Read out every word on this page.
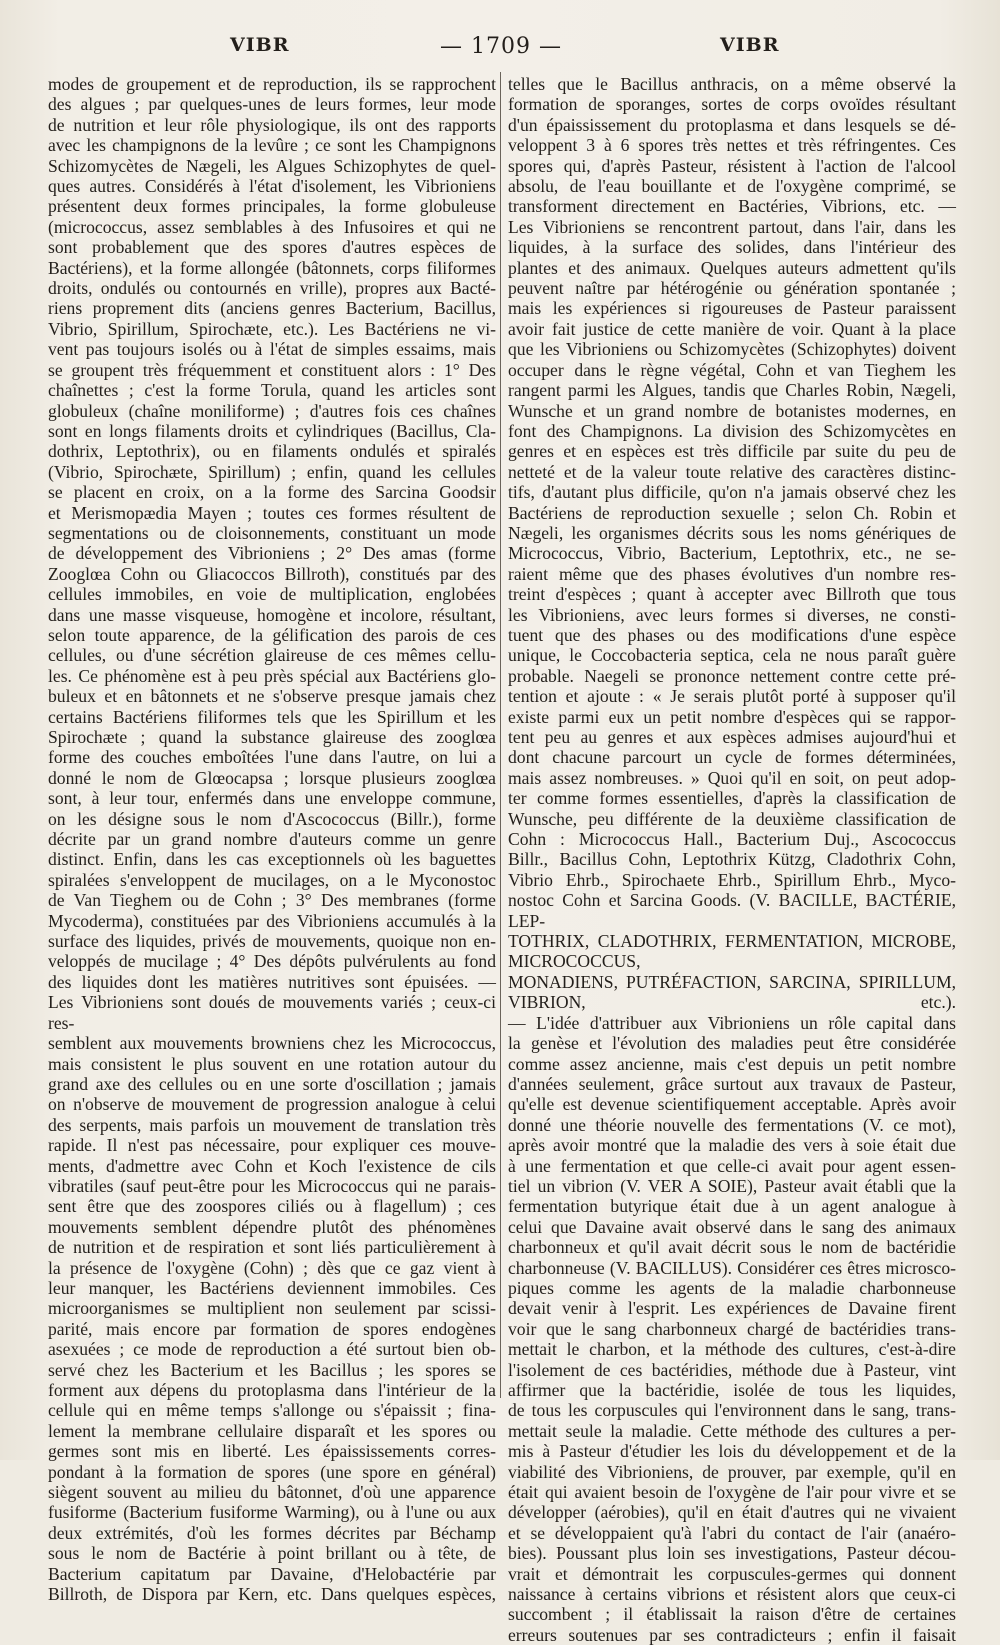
VIBR	— 1709 —	VIBR

modes de groupement et de reproduction, ils se rapprochent

des algues ; par quelques-unes de leurs formes, leur mode

de nutrition et leur rôle physiologique, ils ont des rapports

avec les champignons de la levûre ; ce sont les Champignons

Schizomycètes de Nægeli, les Algues Schizophytes de quel-

ques autres. Considérés à l'état d'isolement, les Vibrioniens

présentent deux formes principales, la forme globuleuse

(micrococcus, assez semblables à des Infusoires et qui ne

sont probablement que des spores d'autres espèces de

Bactériens), et la forme allongée (bâtonnets, corps filiformes

droits, ondulés ou contournés en vrille), propres aux Bacté-

riens proprement dits (anciens genres Bacterium, Bacillus,

Vibrio, Spirillum, Spirochæte, etc.). Les Bactériens ne vi-

vent pas toujours isolés ou à l'état de simples essaims, mais

se groupent très fréquemment et constituent alors : 1° Des

chaînettes ; c'est la forme Torula, quand les articles sont

globuleux (chaîne moniliforme) ; d'autres fois ces chaînes

sont en longs filaments droits et cylindriques (Bacillus, Cla-

dothrix, Leptothrix), ou en filaments ondulés et spiralés

(Vibrio, Spirochæte, Spirillum) ; enfin, quand les cellules

se placent en croix, on a la forme des Sarcina Goodsir

et Merismopædia Mayen ; toutes ces formes résultent de

segmentations ou de cloisonnements, constituant un mode

de développement des Vibrioniens ; 2° Des amas (forme

Zooglœa Cohn ou Gliacoccos Billroth), constitués par des

cellules immobiles, en voie de multiplication, englobées

dans une masse visqueuse, homogène et incolore, résultant,

selon toute apparence, de la gélification des parois de ces

cellules, ou d'une sécrétion glaireuse de ces mêmes cellu-

les. Ce phénomène est à peu près spécial aux Bactériens glo-

buleux et en bâtonnets et ne s'observe presque jamais chez

certains Bactériens filiformes tels que les Spirillum et les

Spirochæte ; quand la substance glaireuse des zooglœa

forme des couches emboîtées l'une dans l'autre, on lui a

donné le nom de Glœocapsa ; lorsque plusieurs zooglœa

sont, à leur tour, enfermés dans une enveloppe commune,

on les désigne sous le nom d'Ascococcus (Billr.), forme

décrite par un grand nombre d'auteurs comme un genre

distinct. Enfin, dans les cas exceptionnels où les baguettes

spiralées s'enveloppent de mucilages, on a le Myconostoc

de Van Tieghem ou de Cohn ; 3° Des membranes (forme

Mycoderma), constituées par des Vibrioniens accumulés à la

surface des liquides, privés de mouvements, quoique non en-

veloppés de mucilage ; 4° Des dépôts pulvérulents au fond

des liquides dont les matières nutritives sont épuisées. —

Les Vibrioniens sont doués de mouvements variés ; ceux-ci res-

semblent aux mouvements browniens chez les Micrococcus,

mais consistent le plus souvent en une rotation autour du

grand axe des cellules ou en une sorte d'oscillation ; jamais

on n'observe de mouvement de progression analogue à celui

des serpents, mais parfois un mouvement de translation très

rapide. Il n'est pas nécessaire, pour expliquer ces mouve-

ments, d'admettre avec Cohn et Koch l'existence de cils

vibratiles (sauf peut-être pour les Micrococcus qui ne parais-

sent être que des zoospores ciliés ou à flagellum) ; ces

mouvements semblent dépendre plutôt des phénomènes

de nutrition et de respiration et sont liés particulièrement à

la présence de l'oxygène (Cohn) ; dès que ce gaz vient à

leur manquer, les Bactériens deviennent immobiles. Ces

microorganismes se multiplient non seulement par scissi-

parité, mais encore par formation de spores endogènes

asexuées ; ce mode de reproduction a été surtout bien ob-

servé chez les Bacterium et les Bacillus ; les spores se

forment aux dépens du protoplasma dans l'intérieur de la

cellule qui en même temps s'allonge ou s'épaissit ; fina-

lement la membrane cellulaire disparaît et les spores ou

germes sont mis en liberté. Les épaississements corres-

pondant à la formation de spores (une spore en général)

siègent souvent au milieu du bâtonnet, d'où une apparence

fusiforme (Bacterium fusiforme Warming), ou à l'une ou aux

deux extrémités, d'où les formes décrites par Béchamp

sous le nom de Bactérie à point brillant ou à tête, de

Bacterium capitatum par Davaine, d'Helobactérie par

Billroth, de Dispora par Kern, etc. Dans quelques espèces,

telles que le Bacillus anthracis, on a même observé la

formation de sporanges, sortes de corps ovoïdes résultant

d'un épaississement du protoplasma et dans lesquels se dé-

veloppent 3 à 6 spores très nettes et très réfringentes. Ces

spores qui, d'après Pasteur, résistent à l'action de l'alcool

absolu, de l'eau bouillante et de l'oxygène comprimé, se

transforment directement en Bactéries, Vibrions, etc. —

Les Vibrioniens se rencontrent partout, dans l'air, dans les

liquides, à la surface des solides, dans l'intérieur des

plantes et des animaux. Quelques auteurs admettent qu'ils

peuvent naître par hétérogénie ou génération spontanée ;

mais les expériences si rigoureuses de Pasteur paraissent

avoir fait justice de cette manière de voir. Quant à la place

que les Vibrioniens ou Schizomycètes (Schizophytes) doivent

occuper dans le règne végétal, Cohn et van Tieghem les

rangent parmi les Algues, tandis que Charles Robin, Nægeli,

Wunsche et un grand nombre de botanistes modernes, en

font des Champignons. La division des Schizomycètes en

genres et en espèces est très difficile par suite du peu de

netteté et de la valeur toute relative des caractères distinc-

tifs, d'autant plus difficile, qu'on n'a jamais observé chez les

Bactériens de reproduction sexuelle ; selon Ch. Robin et

Nægeli, les organismes décrits sous les noms génériques de

Micrococcus, Vibrio, Bacterium, Leptothrix, etc., ne se-

raient même que des phases évolutives d'un nombre res-

treint d'espèces ; quant à accepter avec Billroth que tous

les Vibrioniens, avec leurs formes si diverses, ne consti-

tuent que des phases ou des modifications d'une espèce

unique, le Coccobacteria septica, cela ne nous paraît guère

probable. Naegeli se prononce nettement contre cette pré-

tention et ajoute : « Je serais plutôt porté à supposer qu'il

existe parmi eux un petit nombre d'espèces qui se rappor-

tent peu au genres et aux espèces admises aujourd'hui et

dont chacune parcourt un cycle de formes déterminées,

mais assez nombreuses. » Quoi qu'il en soit, on peut adop-

ter comme formes essentielles, d'après la classification de

Wunsche, peu différente de la deuxième classification de

Cohn : Micrococcus Hall., Bacterium Duj., Ascococcus

Billr., Bacillus Cohn, Leptothrix Kützg, Cladothrix Cohn,

Vibrio Ehrb., Spirochaete Ehrb., Spirillum Ehrb., Myco-

nostoc Cohn et Sarcina Goods. (V. BACILLE, BACTÉRIE, LEP-

TOTHRIX, CLADOTHRIX, FERMENTATION, MICROBE, MICROCOCCUS,

MONADIENS, PUTRÉFACTION, SARCINA, SPIRILLUM, VIBRION, etc.).

— L'idée d'attribuer aux Vibrioniens un rôle capital dans

la genèse et l'évolution des maladies peut être considérée

comme assez ancienne, mais c'est depuis un petit nombre

d'années seulement, grâce surtout aux travaux de Pasteur,

qu'elle est devenue scientifiquement acceptable. Après avoir

donné une théorie nouvelle des fermentations (V. ce mot),

après avoir montré que la maladie des vers à soie était due

à une fermentation et que celle-ci avait pour agent essen-

tiel un vibrion (V. VER A SOIE), Pasteur avait établi que la

fermentation butyrique était due à un agent analogue à

celui que Davaine avait observé dans le sang des animaux

charbonneux et qu'il avait décrit sous le nom de bactéridie

charbonneuse (V. BACILLUS). Considérer ces êtres microsco-

piques comme les agents de la maladie charbonneuse

devait venir à l'esprit. Les expériences de Davaine firent

voir que le sang charbonneux chargé de bactéridies trans-

mettait le charbon, et la méthode des cultures, c'est-à-dire

l'isolement de ces bactéridies, méthode due à Pasteur, vint

affirmer que la bactéridie, isolée de tous les liquides,

de tous les corpuscules qui l'environnent dans le sang, trans-

mettait seule la maladie. Cette méthode des cultures a per-

mis à Pasteur d'étudier les lois du développement et de la

viabilité des Vibrioniens, de prouver, par exemple, qu'il en

était qui avaient besoin de l'oxygène de l'air pour vivre et se

développer (aérobies), qu'il en était d'autres qui ne vivaient

et se développaient qu'à l'abri du contact de l'air (anaéro-

bies). Poussant plus loin ses investigations, Pasteur décou-

vrait et démontrait les corpuscules-germes qui donnent

naissance à certains vibrions et résistent alors que ceux-ci

succombent ; il établissait la raison d'être de certaines

erreurs soutenues par ses contradicteurs ; enfin il faisait
